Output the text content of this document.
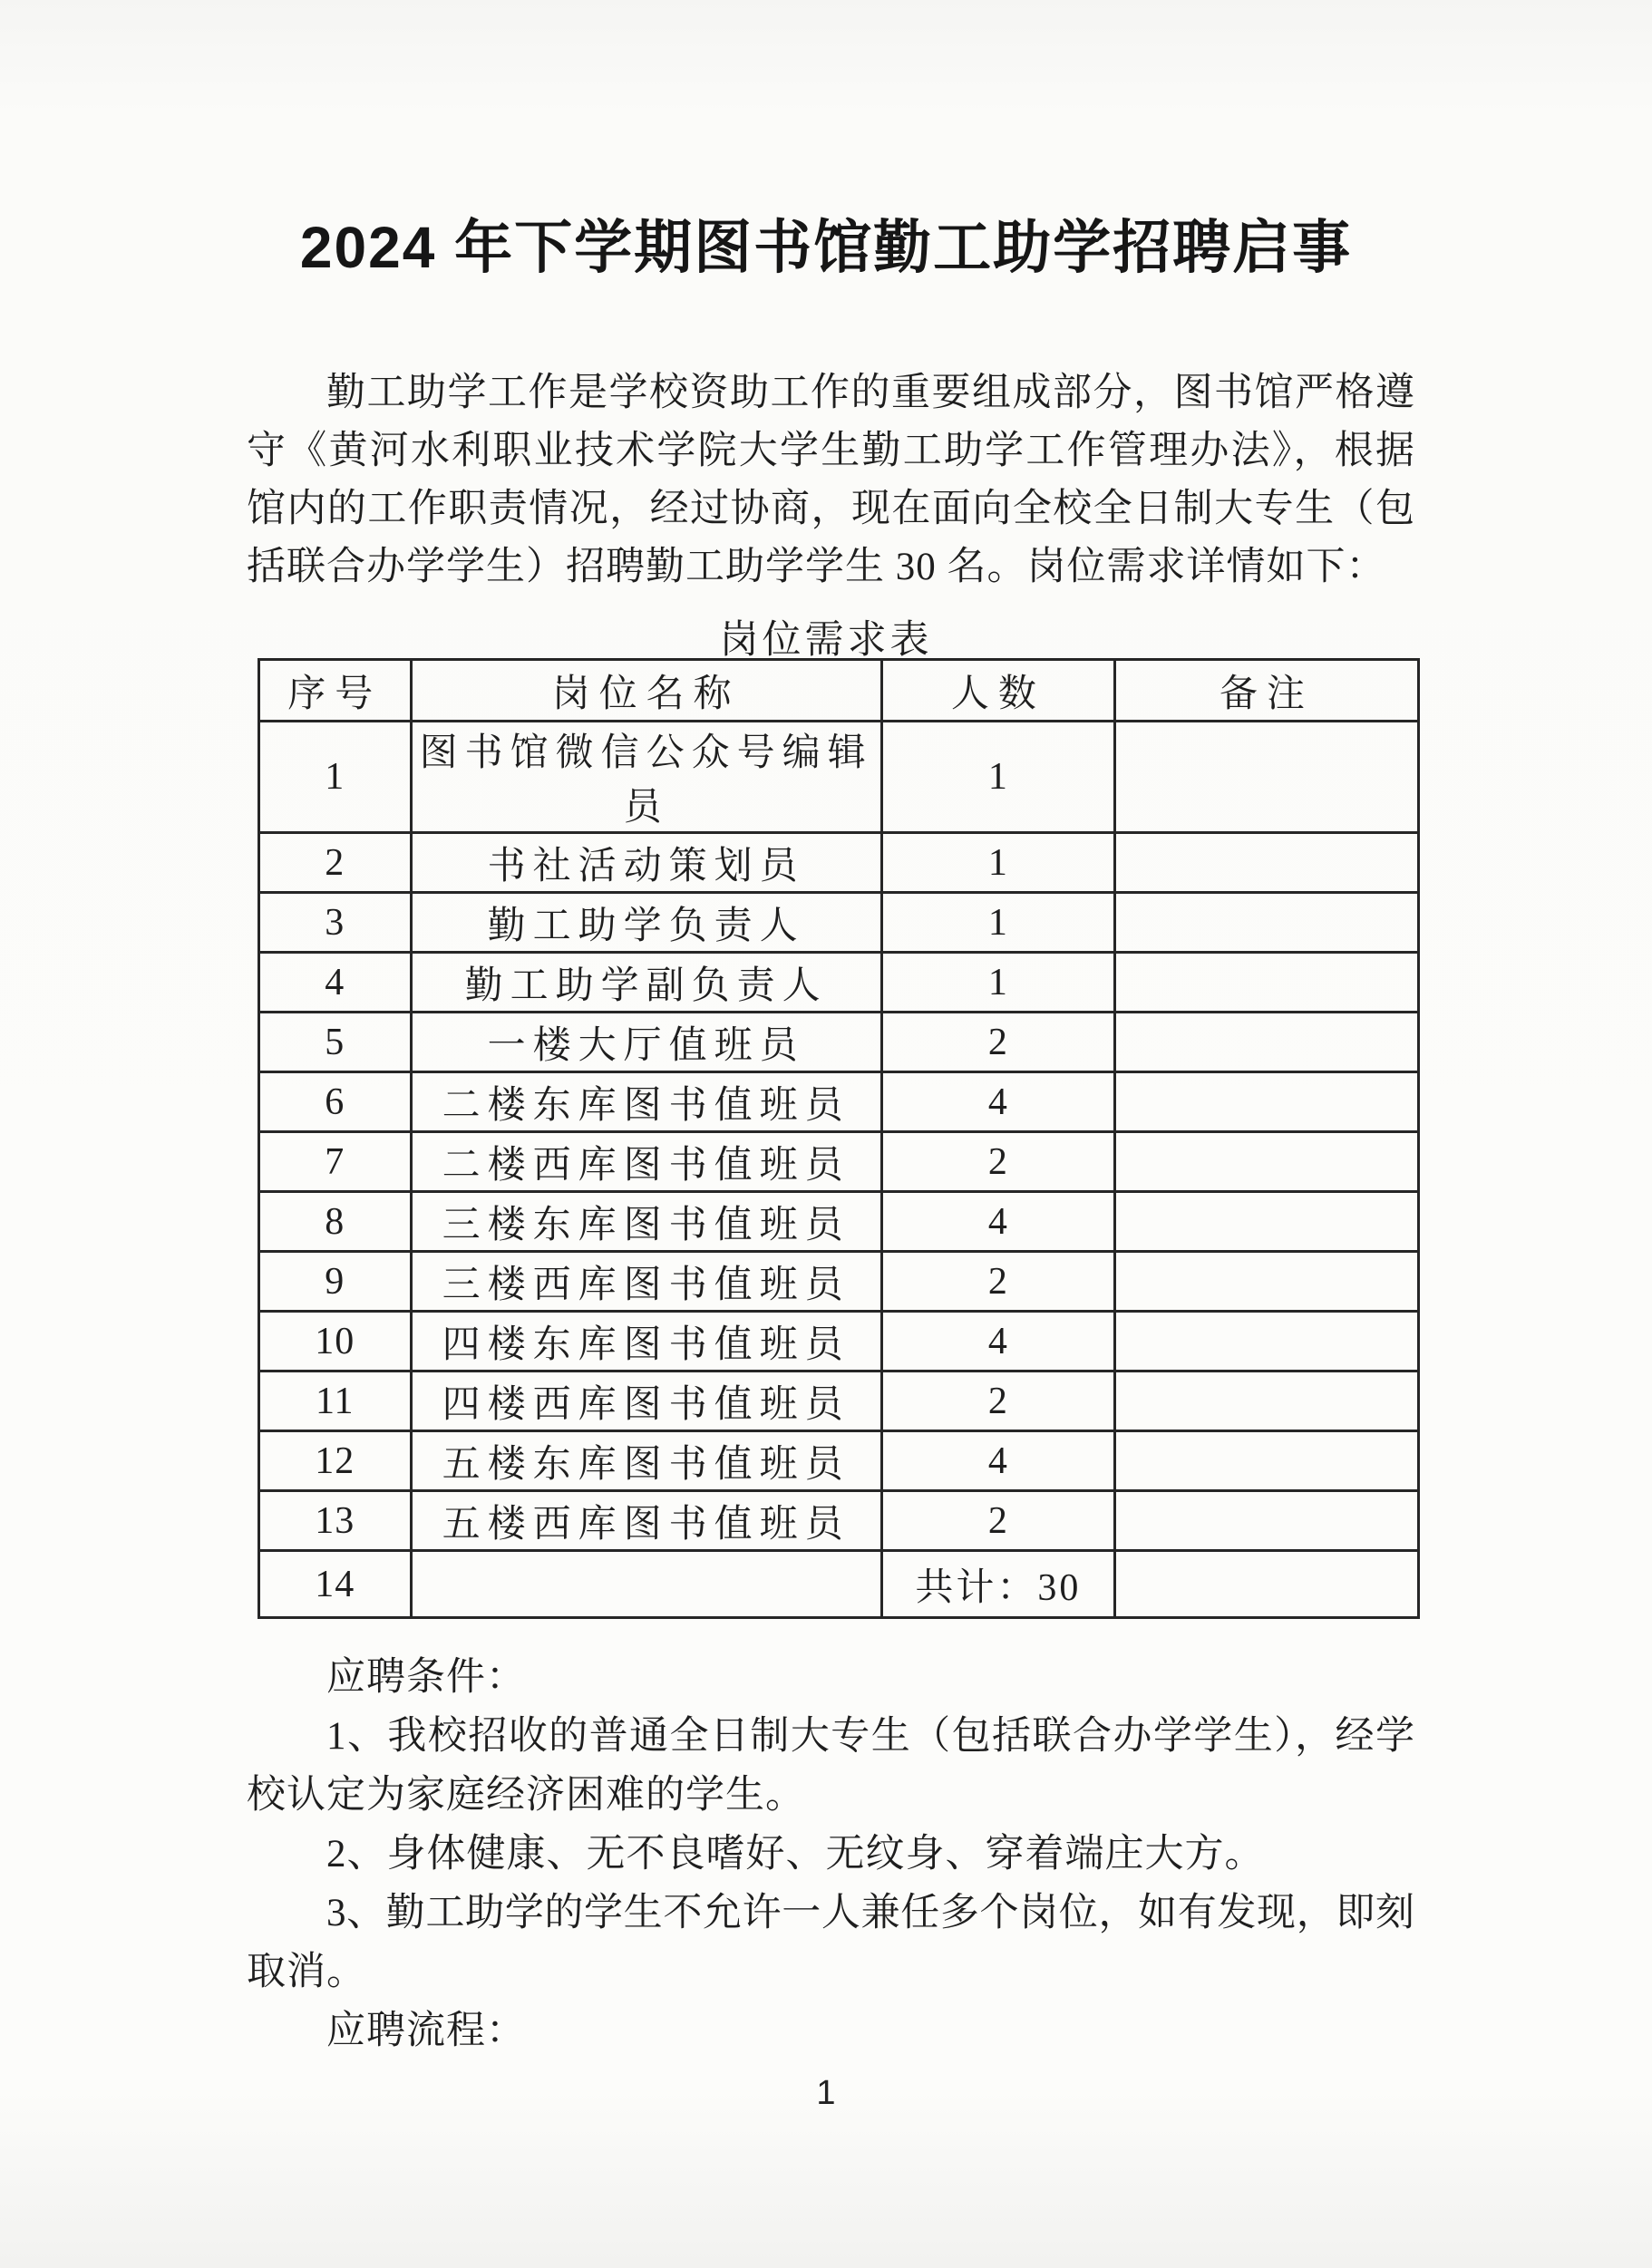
2024 年下学期图书馆勤工助学招聘启事
勤工助学工作是学校资助工作的重要组成部分，图书馆严格遵
守《黄河水利职业技术学院大学生勤工助学工作管理办法》，根据
馆内的工作职责情况，经过协商，现在面向全校全日制大专生（包
括联合办学学生）招聘勤工助学学生 30 名。岗位需求详情如下：
岗位需求表
序号	岗位名称	人数	备注
1	图书馆微信公众号编辑员	1	
2	书社活动策划员	1	
3	勤工助学负责人	1	
4	勤工助学副负责人	1	
5	一楼大厅值班员	2	
6	二楼东库图书值班员	4	
7	二楼西库图书值班员	2	
8	三楼东库图书值班员	4	
9	三楼西库图书值班员	2	
10	四楼东库图书值班员	4	
11	四楼西库图书值班员	2	
12	五楼东库图书值班员	4	
13	五楼西库图书值班员	2	
14		共计：30	
应聘条件：
1、我校招收的普通全日制大专生（包括联合办学学生），经学
校认定为家庭经济困难的学生。
2、身体健康、无不良嗜好、无纹身、穿着端庄大方。
3、勤工助学的学生不允许一人兼任多个岗位，如有发现，即刻
取消。
应聘流程：
1
